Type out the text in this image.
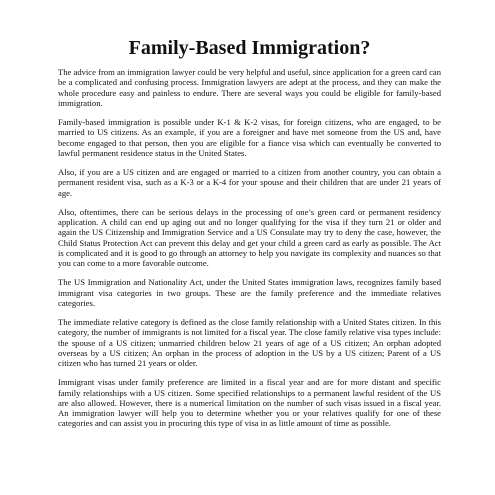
Family-Based Immigration?

The advice from an immigration lawyer could be very helpful and useful, since application for a green card can be a complicated and confusing process. Immigration lawyers are adept at the process, and they can make the whole procedure easy and painless to endure. There are several ways you could be eligible for family-based immigration.

Family-based immigration is possible under K-1 & K-2 visas, for foreign citizens, who are engaged, to be married to US citizens. As an example, if you are a foreigner and have met someone from the US and, have become engaged to that person, then you are eligible for a fiance visa which can eventually be converted to lawful permanent residence status in the United States.

Also, if you are a US citizen and are engaged or married to a citizen from another country, you can obtain a permanent resident visa, such as a K-3 or a K-4 for your spouse and their children that are under 21 years of age.

Also, oftentimes, there can be serious delays in the processing of one’s green card or permanent residency application. A child can end up aging out and no longer qualifying for the visa if they turn 21 or older and again the US Citizenship and Immigration Service and a US Consulate may try to deny the case, however, the Child Status Protection Act can prevent this delay and get your child a green card as early as possible. The Act is complicated and it is good to go through an attorney to help you navigate its complexity and nuances so that you can come to a more favorable outcome.

The US Immigration and Nationality Act, under the United States immigration laws, recognizes family based immigrant visa categories in two groups. These are the family preference and the immediate relatives categories.

The immediate relative category is defined as the close family relationship with a United States citizen. In this category, the number of immigrants is not limited for a fiscal year. The close family relative visa types include: the spouse of a US citizen; unmarried children below 21 years of age of a US citizen; An orphan adopted overseas by a US citizen; An orphan in the process of adoption in the US by a US citizen; Parent of a US citizen who has turned 21 years or older.

Immigrant visas under family preference are limited in a fiscal year and are for more distant and specific family relationships with a US citizen. Some specified relationships to a permanent lawful resident of the US are also allowed. However, there is a numerical limitation on the number of such visas issued in a fiscal year. An immigration lawyer will help you to determine whether you or your relatives qualify for one of these categories and can assist you in procuring this type of visa in as little amount of time as possible.
